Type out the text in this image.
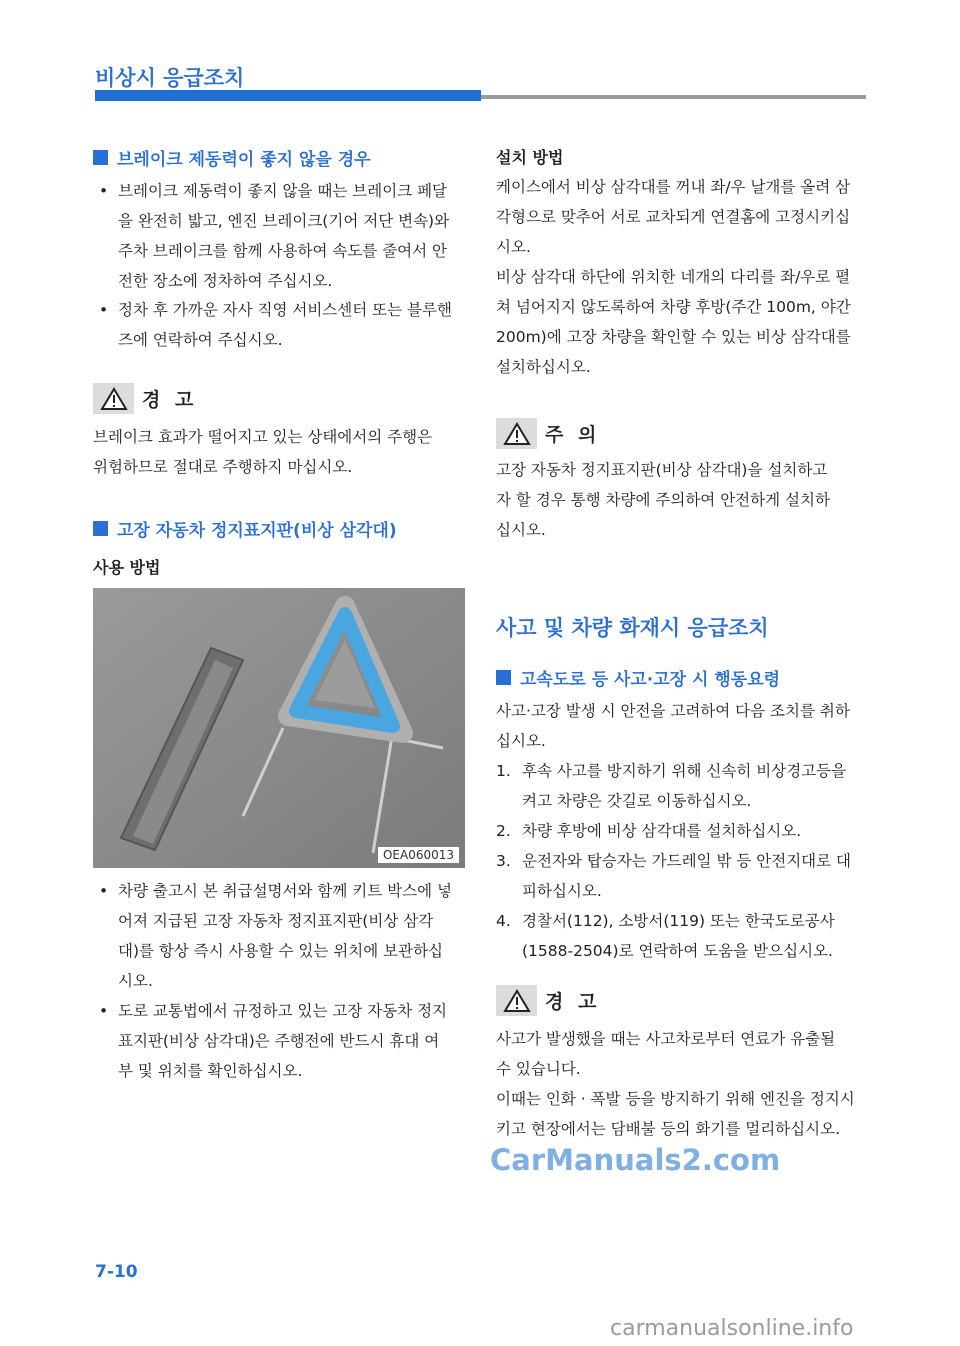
비상시 응급조치
브레이크 제동력이 좋지 않을 경우
• 브레이크 제동력이 좋지 않을 때는 브레이크 페달
을 완전히 밟고, 엔진 브레이크(기어 저단 변속)와
주차 브레이크를 함께 사용하여 속도를 줄여서 안
전한 장소에 정차하여 주십시오.
• 정차 후 가까운 자사 직영 서비스센터 또는 블루핸
즈에 연락하여 주십시오.
경 고
브레이크 효과가 떨어지고 있는 상태에서의 주행은
위험하므로 절대로 주행하지 마십시오.
고장 자동차 정지표지판(비상 삼각대)
사용 방법
OEA060013
• 차량 출고시 본 취급설명서와 함께 키트 박스에 넣
어져 지급된 고장 자동차 정지표지판(비상 삼각
대)를 항상 즉시 사용할 수 있는 위치에 보관하십
시오.
• 도로 교통법에서 규정하고 있는 고장 자동차 정지
표지판(비상 삼각대)은 주행전에 반드시 휴대 여
부 및 위치를 확인하십시오.
설치 방법
케이스에서 비상 삼각대를 꺼내 좌/우 날개를 올려 삼
각형으로 맞추어 서로 교차되게 연결홈에 고정시키십
시오.
비상 삼각대 하단에 위치한 네개의 다리를 좌/우로 펼
쳐 넘어지지 않도록하여 차량 후방(주간 100m, 야간
200m)에 고장 차량을 확인할 수 있는 비상 삼각대를
설치하십시오.
주 의
고장 자동차 정지표지판(비상 삼각대)을 설치하고
자 할 경우 통행 차량에 주의하여 안전하게 설치하
십시오.
사고 및 차량 화재시 응급조치
고속도로 등 사고·고장 시 행동요령
사고·고장 발생 시 안전을 고려하여 다음 조치를 취하
십시오.
1. 후속 사고를 방지하기 위해 신속히 비상경고등을
켜고 차량은 갓길로 이동하십시오.
2. 차량 후방에 비상 삼각대를 설치하십시오.
3. 운전자와 탑승자는 가드레일 밖 등 안전지대로 대
피하십시오.
4. 경찰서(112), 소방서(119) 또는 한국도로공사
(1588-2504)로 연락하여 도움을 받으십시오.
경 고
사고가 발생했을 때는 사고차로부터 연료가 유출될
수 있습니다.
이때는 인화 · 폭발 등을 방지하기 위해 엔진을 정지시
키고 현장에서는 담배불 등의 화기를 멀리하십시오.
CarManuals2.com
7-10
carmanualsonline.info
